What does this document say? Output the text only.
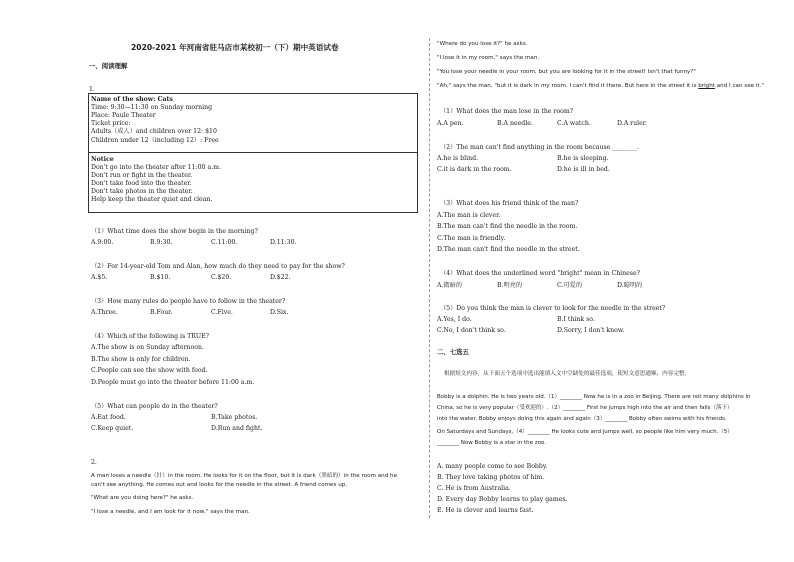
2020-2021 年河南省驻马店市某校初一（下）期中英语试卷
一、阅读理解
1.
Name of the show: Cats
Time: 9:30—11:30 on Sunday morning
Place: Paule Theater
Ticket price:
Adults（成人）and children over 12: $10
Children under 12（including 12）: Free
Notice
Don't go into the theater after 11:00 a.m.
Don't run or fight in the theater.
Don't take food into the theater.
Don't take photos in the theater.
Help keep the theater quiet and clean.
（1）What time does the show begin in the morning?
A.9:00.	B.9:30.	C.11:00.	D.11:30.
（2）For 14-year-old Tom and Alan, how much do they need to pay for the show?
A.$5.	B.$10.	C.$20.	D.$22.
（3）How many rules do people have to follow in the theater?
A.Three.	B.Four.	C.Five.	D.Six.
（4）Which of the following is TRUE?
A.The show is on Sunday afternoon.
B.The show is only for children.
C.People can see the show with food.
D.People must go into the theater before 11:00 a.m.
（5）What can people do in the theater?
A.Eat food.	B.Take photos.
C.Keep quiet.	D.Run and fight.
2.
A man loses a needle（针）in the room. He looks for it on the floor, but it is dark（黑暗的）in the room and he
can't see anything. He comes out and looks for the needle in the street. A friend comes up.
"What are you doing here?" he asks.
"I lose a needle, and I am look for it now," says the man.
"Where do you lose it?" he asks.
"I lose it in my room," says the man.
"You lose your needle in your room, but you are looking for it in the street! Isn't that funny?"
"Ah," says the man, "but it is dark in my room. I can't find it there. But here in the street it is bright and I can see it."
（1）What does the man lose in the room?
A.A pen.	B.A needle.	C.A watch.	D.A ruler.
（2）The man can't find anything in the room because ________.
A.he is blind.	B.he is sleeping.
C.it is dark in the room.	D.he is ill in bed.
（3）What does his friend think of the man?
A.The man is clever.
B.The man can't find the needle in the room.
C.The man is friendly.
D.The man can't find the needle in the street.
（4）What does the underlined word "bright" mean in Chinese?
A.微暗的	B.明亮的	C.可爱的	D.聪明的
（5）Do you think the man is clever to look for the needle in the street?
A.Yes, I do.	B.I think so.
C.No, I don't think so.	D.Sorry, I don't know.
二、七选五
根据短文内容，从下面五个选项中选出能填入文中空缺处的最佳选项，使短文意思通顺、内容完整。
Bobby is a dolphin. He is two years old.（1）________ Now he is in a zoo in Beijing. There are not many dolphins in
China, so he is very popular（受欢迎的）.（2）________ First he jumps high into the air and then falls（落下）
into the water. Bobby enjoys doing this again and again（3）________ Bobby often swims with his friends.
On Saturdays and Sundays,（4）________ He looks cute and jumps well, so people like him very much.（5）
________ Now Bobby is a star in the zoo.
A. many people come to see Bobby.
B. They love taking photos of him.
C. He is from Australia.
D. Every day Bobby learns to play games.
E. He is clever and learns fast.
